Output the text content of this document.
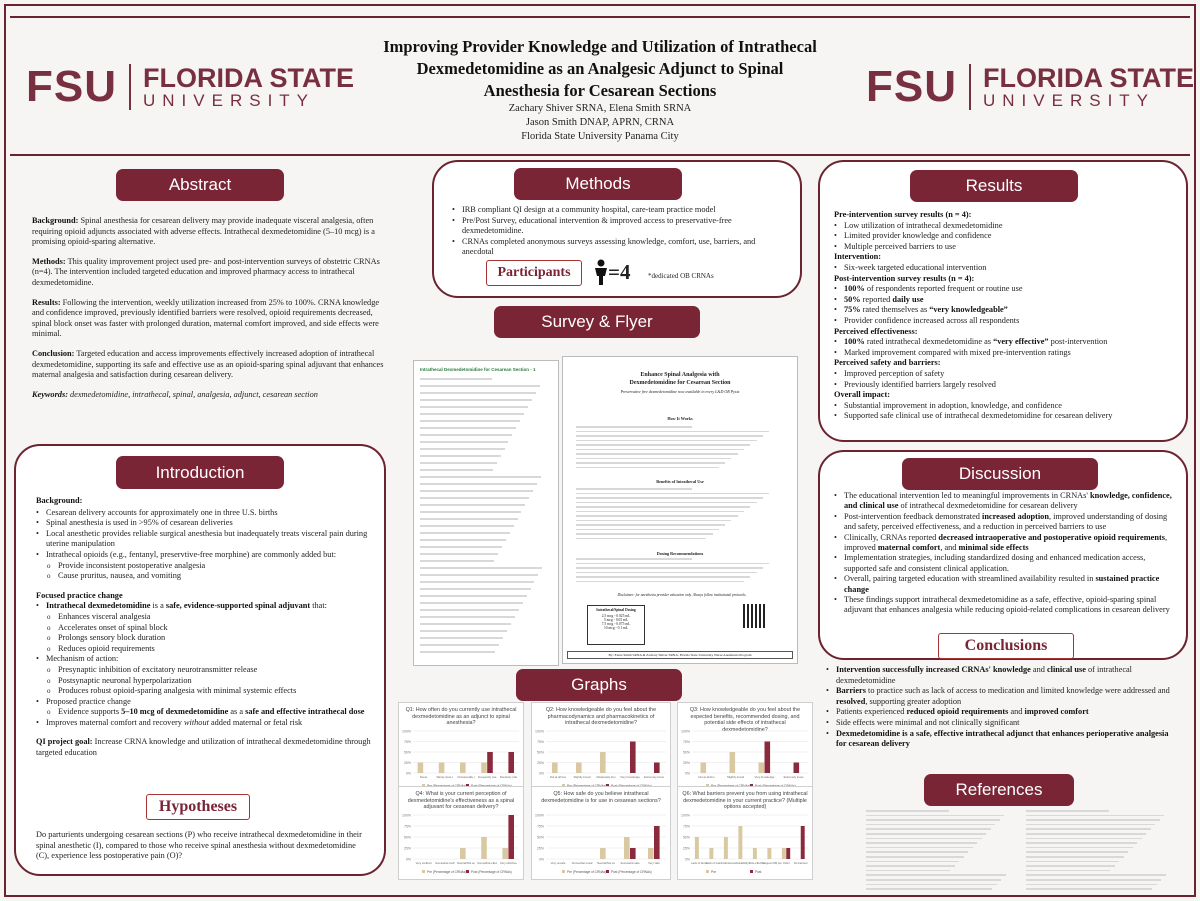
FSU FLORIDA STATE
UNIVERSITY	FSU FLORIDA STATE
UNIVERSITY
Improving Provider Knowledge and Utilization of Intrathecal
Dexmedetomidine as an Analgesic Adjunct to Spinal
Anesthesia for Cesarean Sections
Zachary Shiver SRNA, Elena Smith SRNA
Jason Smith DNAP, APRN, CRNA
Florida State University Panama City
Abstract

Background: Spinal anesthesia for cesarean delivery may provide inadequate visceral analgesia, often requiring opioid adjuncts associated with adverse effects. Intrathecal dexmedetomidine (5–10 mcg) is a promising opioid-sparing alternative.

Methods: This quality improvement project used pre- and post-intervention surveys of obstetric CRNAs (n=4). The intervention included targeted education and improved pharmacy access to intrathecal dexmedetomidine.

Results: Following the intervention, weekly utilization increased from 25% to 100%. CRNA knowledge and confidence improved, previously identified barriers were resolved, opioid requirements decreased, spinal block onset was faster with prolonged duration, maternal comfort improved, and side effects were minimal.

Conclusion: Targeted education and access improvements effectively increased adoption of intrathecal dexmedetomidine, supporting its safe and effective use as an opioid-sparing spinal adjuvant that enhances maternal analgesia and satisfaction during cesarean delivery.

Keywords: dexmedetomidine, intrathecal, spinal, analgesia, adjunct, cesarean section

Introduction
Background:
• Cesarean delivery accounts for approximately one in three U.S. births
• Spinal anesthesia is used in >95% of cesarean deliveries
• Local anesthetic provides reliable surgical anesthesia but inadequately treats visceral pain during uterine manipulation
• Intrathecal opioids (e.g., fentanyl, preservtive-free morphine) are commonly added but:
o Provide inconsistent postoperative analgesia
o Cause pruritus, nausea, and vomiting
Focused practice change
• Intrathecal dexmedetomidine is a safe, evidence-supported spinal adjuvant that:
o Enhances visceral analgesia
o Accelerates onset of spinal block
o Prolongs sensory block duration
o Reduces opioid requirements
• Mechanism of action:
o Presynaptic inhibition of excitatory neurotransmitter release
o Postsynaptic neuronal hyperpolarization
o Produces robust opioid-sparing analgesia with minimal systemic effects
• Proposed practice change
o Evidence supports 5–10 mcg of dexmedetomidine as a safe and effective intrathecal dose
• Improves maternal comfort and recovery without added maternal or fetal risk

QI project goal: Increase CRNA knowledge and utilization of intrathecal dexmedetomidine through targeted education

Hypotheses
Do parturients undergoing cesarean sections (P) who receive intrathecal dexmedetomidine in their spinal anesthetic (I), compared to those who receive spinal anesthesia without dexmedetomidine (C), experience less postoperative pain (O)?
Methods
• IRB compliant QI design at a community hospital, care-team practice model
• Pre/Post Survey, educational intervention & improved access to preservative-free dexmedetomidine.
• CRNAs completed anonymous surveys assessing knowledge, comfort, use, barriers, and anecdotal
Participants	=4	*dedicated OB CRNAs
Survey & Flyer
Intrathecal Dexmedetomidine for Cesarean Section - 1
Enhance Spinal Analgesia with
Dexmedetomidine for Cesarean Section
Preservative free dexmedetomidine now available in every L&D OR Pyxis
How It Works
Benefits of Intrathecal Use
Dosing Recommendations
Disclaimer: for anesthesia provider education only. Always follow institutional protocols.
Intrathecal/Spinal Dosing
2.5 mcg - 0.025 mL
5 mcg - 0.05 mL
7.5 mcg - 0.075 mL
10 mcg - 0.1 mL
By: Elena Smith SRNA & Zachary Shiver SRNA, Florida State University Nurse Anesthesia Program
Graphs
Q1: How often do you currently use intrathecal dexmedetomidine as an adjunct to spinal anesthesia?
0%
25%
50%
75%
100%
Never	Rarely (less t Occasionally ( Frequently (we Routinely (dai
Q2: How knowledgeable do you feel about the pharmacodynamics and pharmacokinetics of intrathecal dexmedetomidine?
0%
25%
50%
75%
100%
Not at all kno	Slightly knowl Moderately kno Very knowledge Extremely know
Q3: How knowledgeable do you feel about the expected benefits, recommended dosing, and potential side effects of intrathecal dexmedetomidine?
0%
25%
50%
75%
100%
Not at all kno	Slightly knowl	Very knowledge	Extremely know
Q4: What is your current perception of dexmedetomidine's effectiveness as a spinal adjuvant for cesarean delivery?
0%
25%
50%
75%
100%
Very ineffecti Somewhat ineff Neutral/Not su Somewhat effec Very effective
Pre (Percentage of CRNAs) Post (Percentage of CRNAs)
Q5: How safe do you believe intrathecal dexmedetomidine is for use in cesarean sections?
0%
25%
50%
75%
100%
Very unsafe Somewhat unsaf Neutral/Not su Somewhat safe	Very safe
Pre (Percentage of CRNAs) Post (Percentage of CRNAs)
Q6: What barriers prevent you from using intrathecal dexmedetomidine in your current practice? (Multiple options accepted)
0%
25%
50%
75%
100%
Lack of famili
Lack of traini Institutional Availability i
Side effect co
Surgeon/OB pre Other No barriers
Pre	Post
Results
Pre-intervention survey results (n = 4):
• Low utilization of intrathecal dexmedetomidine
• Limited provider knowledge and confidence
• Multiple perceived barriers to use
Intervention:
• Six-week targeted educational intervention
Post-intervention survey results (n = 4):
• 100% of respondents reported frequent or routine use
• 50% reported daily use
• 75% rated themselves as “very knowledgeable”
• Provider confidence increased across all respondents
Perceived effectiveness:
• 100% rated intrathecal dexmedetomidine as “very effective” post-intervention
• Marked improvement compared with mixed pre-intervention ratings
Perceived safety and barriers:
• Improved perception of safety
• Previously identified barriers largely resolved
Overall impact:
• Substantial improvement in adoption, knowledge, and confidence
• Supported safe clinical use of intrathecal dexmedetomidine for cesarean delivery
Discussion
• The educational intervention led to meaningful improvements in CRNAs' knowledge, confidence, and clinical use of intrathecal dexmedetomidine for cesarean delivery
• Post-intervention feedback demonstrated increased adoption, improved understanding of dosing and safety, perceived effectiveness, and a reduction in perceived barriers to use
• Clinically, CRNAs reported decreased intraoperative and postoperative opioid requirements, improved maternal comfort, and minimal side effects
• Implementation strategies, including standardized dosing and enhanced medication access, supported safe and consistent clinical application.
• Overall, pairing targeted education with streamlined availability resulted in sustained practice change
• These findings support intrathecal dexmedetomidine as a safe, effective, opioid-sparing spinal adjuvant that enhances analgesia while reducing opioid-related complications in cesarean delivery
Conclusions
• Intervention successfully increased CRNAs' knowledge and clinical use of intrathecal dexmedetomidine
• Barriers to practice such as lack of access to medication and limited knowledge were addressed and resolved, supporting greater adoption
• Patients experienced reduced opioid requirements and improved comfort
• Side effects were minimal and not clinically significant
• Dexmedetomidine is a safe, effective intrathecal adjunct that enhances perioperative analgesia for cesarean delivery
References
